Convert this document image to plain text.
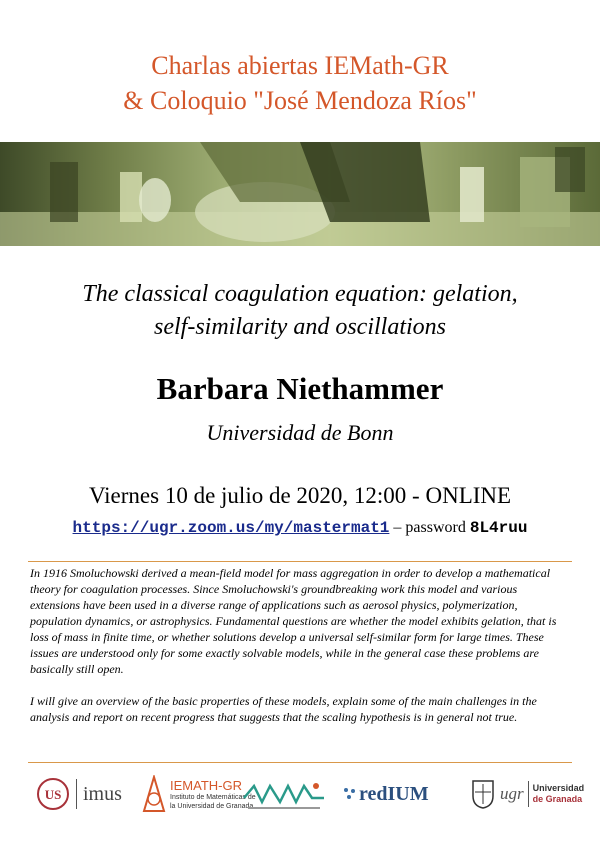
Charlas abiertas IEMath-GR
& Coloquio "José Mendoza Ríos"
The classical coagulation equation: gelation,
self-similarity and oscillations
Barbara Niethammer
Universidad de Bonn
Viernes 10 de julio de 2020, 12:00 - ONLINE
https://ugr.zoom.us/my/mastermat1 – password 8L4ruu

In 1916 Smoluchowski derived a mean-field model for mass aggregation in order to develop a mathematical theory for coagulation processes. Since Smoluchowski's groundbreaking work this model and various extensions have been used in a diverse range of applications such as aerosol physics, polymerization, population dynamics, or astrophysics. Fundamental questions are whether the model exhibits gelation, that is loss of mass in finite time, or whether solutions develop a universal self-similar form for large times. These issues are understood only for some exactly solvable models, while in the general case these problems are basically still open.

I will give an overview of the basic properties of these models, explain some of the main challenges in the analysis and report on recent progress that suggests that the scaling hypothesis is in general not true.

US imus	IEMATH-GR
Instituto de Matemáticas de
la Universidad de Granada
redIUM	ugr Universidad
de Granada
